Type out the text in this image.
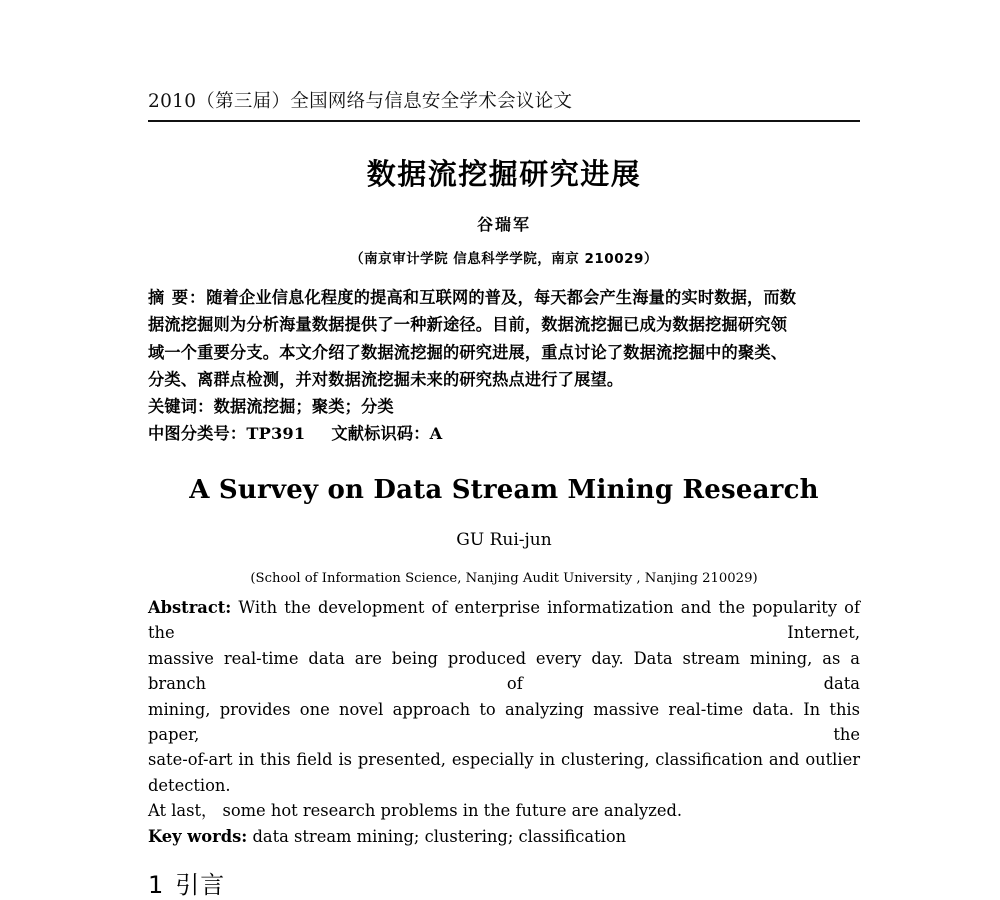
2010（第三届）全国网络与信息安全学术会议论文
数据流挖掘研究进展
谷瑞军
（南京审计学院 信息科学学院，南京 210029）
摘 要：随着企业信息化程度的提高和互联网的普及，每天都会产生海量的实时数据，而数
据流挖掘则为分析海量数据提供了一种新途径。目前，数据流挖掘已成为数据挖掘研究领
域一个重要分支。本文介绍了数据流挖掘的研究进展，重点讨论了数据流挖掘中的聚类、
分类、离群点检测，并对数据流挖掘未来的研究热点进行了展望。
关键词：数据流挖掘；聚类；分类
中图分类号：TP391 文献标识码：A
A Survey on Data Stream Mining Research
GU Rui-jun
(School of Information Science, Nanjing Audit University , Nanjing 210029)
Abstract: With the development of enterprise informatization and the popularity of the Internet,
massive real-time data are being produced every day. Data stream mining, as a branch of data
mining, provides one novel approach to analyzing massive real-time data. In this paper, the
sate-of-art in this field is presented, especially in clustering, classification and outlier detection.
At last， some hot research problems in the future are analyzed.
Key words: data stream mining; clustering; classification
1 引言
